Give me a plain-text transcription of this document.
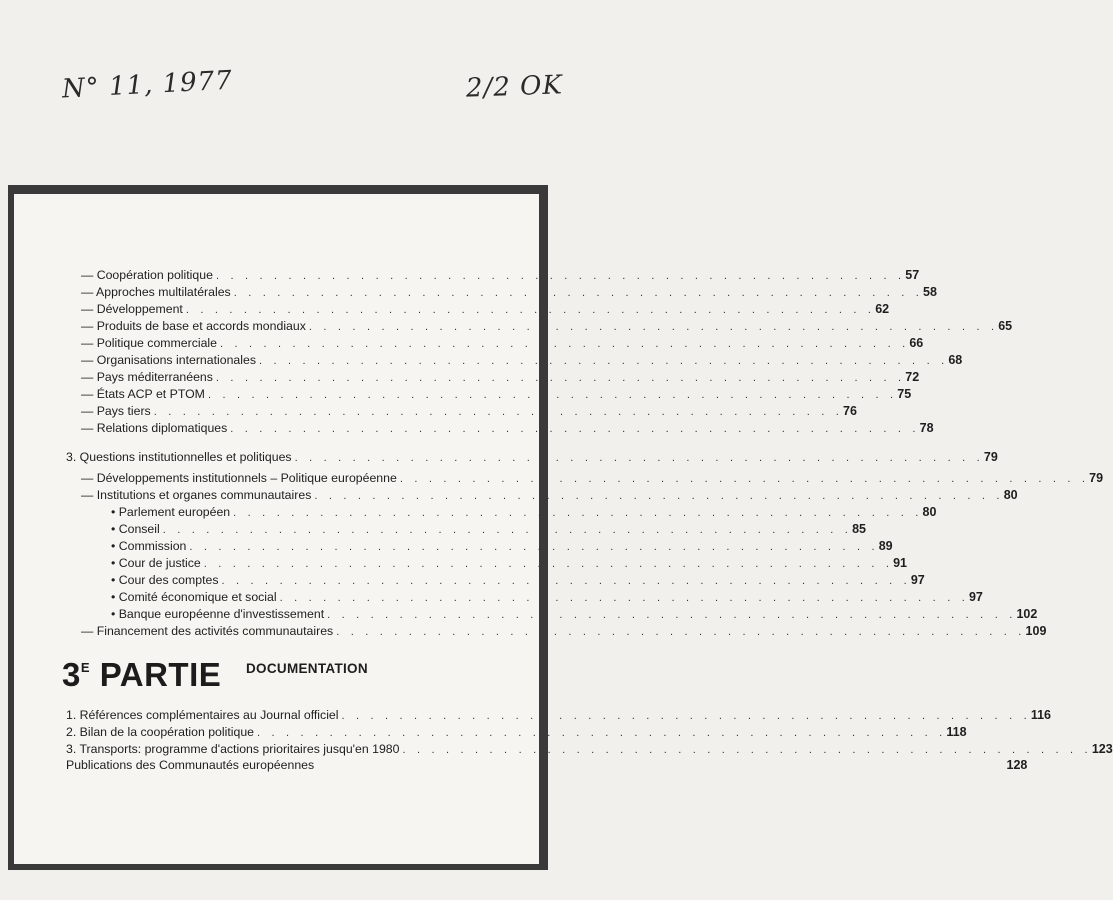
N° 11, 1977	2/2 OK
— Coopération politique . . . . . . . . . . . . . . . . . . . . . . . . . . . . . . . . . . . . . . . . . . . . . . . . 57
— Approches multilatérales . . . . . . . . . . . . . . . . . . . . . . . . . . . . . . . . . . . . . . . . . . . . . . . . 58
— Développement . . . . . . . . . . . . . . . . . . . . . . . . . . . . . . . . . . . . . . . . . . . . . . . . 62
— Produits de base et accords mondiaux . . . . . . . . . . . . . . . . . . . . . . . . . . . . . . . . . . . . . . . . . . . . . . . . 65
— Politique commerciale . . . . . . . . . . . . . . . . . . . . . . . . . . . . . . . . . . . . . . . . . . . . . . . . 66
— Organisations internationales . . . . . . . . . . . . . . . . . . . . . . . . . . . . . . . . . . . . . . . . . . . . . . . . 68
— Pays méditerranéens . . . . . . . . . . . . . . . . . . . . . . . . . . . . . . . . . . . . . . . . . . . . . . . . 72
— États ACP et PTOM . . . . . . . . . . . . . . . . . . . . . . . . . . . . . . . . . . . . . . . . . . . . . . . . 75
— Pays tiers . . . . . . . . . . . . . . . . . . . . . . . . . . . . . . . . . . . . . . . . . . . . . . . . 76
— Relations diplomatiques . . . . . . . . . . . . . . . . . . . . . . . . . . . . . . . . . . . . . . . . . . . . . . . . 78
3. Questions institutionnelles et politiques . . . . . . . . . . . . . . . . . . . . . . . . . . . . . . . . . . . . . . . . . . . . . . . . 79
— Développements institutionnels – Politique européenne . . . . . . . . . . . . . . . . . . . . . . . . . . . . . . . . . . . . . . . . . . . . . . . . 79
— Institutions et organes communautaires . . . . . . . . . . . . . . . . . . . . . . . . . . . . . . . . . . . . . . . . . . . . . . . . 80
• Parlement européen . . . . . . . . . . . . . . . . . . . . . . . . . . . . . . . . . . . . . . . . . . . . . . . . 80
• Conseil . . . . . . . . . . . . . . . . . . . . . . . . . . . . . . . . . . . . . . . . . . . . . . . . 85
• Commission . . . . . . . . . . . . . . . . . . . . . . . . . . . . . . . . . . . . . . . . . . . . . . . . 89
• Cour de justice . . . . . . . . . . . . . . . . . . . . . . . . . . . . . . . . . . . . . . . . . . . . . . . . 91
• Cour des comptes . . . . . . . . . . . . . . . . . . . . . . . . . . . . . . . . . . . . . . . . . . . . . . . . 97
• Comité économique et social . . . . . . . . . . . . . . . . . . . . . . . . . . . . . . . . . . . . . . . . . . . . . . . . 97
• Banque européenne d'investissement . . . . . . . . . . . . . . . . . . . . . . . . . . . . . . . . . . . . . . . . . . . . . . . . 102
— Financement des activités communautaires . . . . . . . . . . . . . . . . . . . . . . . . . . . . . . . . . . . . . . . . . . . . . . . . 109
$3^E$ PARTIE DOCUMENTATION
1. Références complémentaires au Journal officiel . . . . . . . . . . . . . . . . . . . . . . . . . . . . . . . . . . . . . . . . . . . . . . . . 116
2. Bilan de la coopération politique . . . . . . . . . . . . . . . . . . . . . . . . . . . . . . . . . . . . . . . . . . . . . . . . 118
3. Transports: programme d'actions prioritaires jusqu'en 1980 . . . . . . . . . . . . . . . . . . . . . . . . . . . . . . . . . . . . . . . . . . . . . . . . 123
Publications des Communautés européennes	128
